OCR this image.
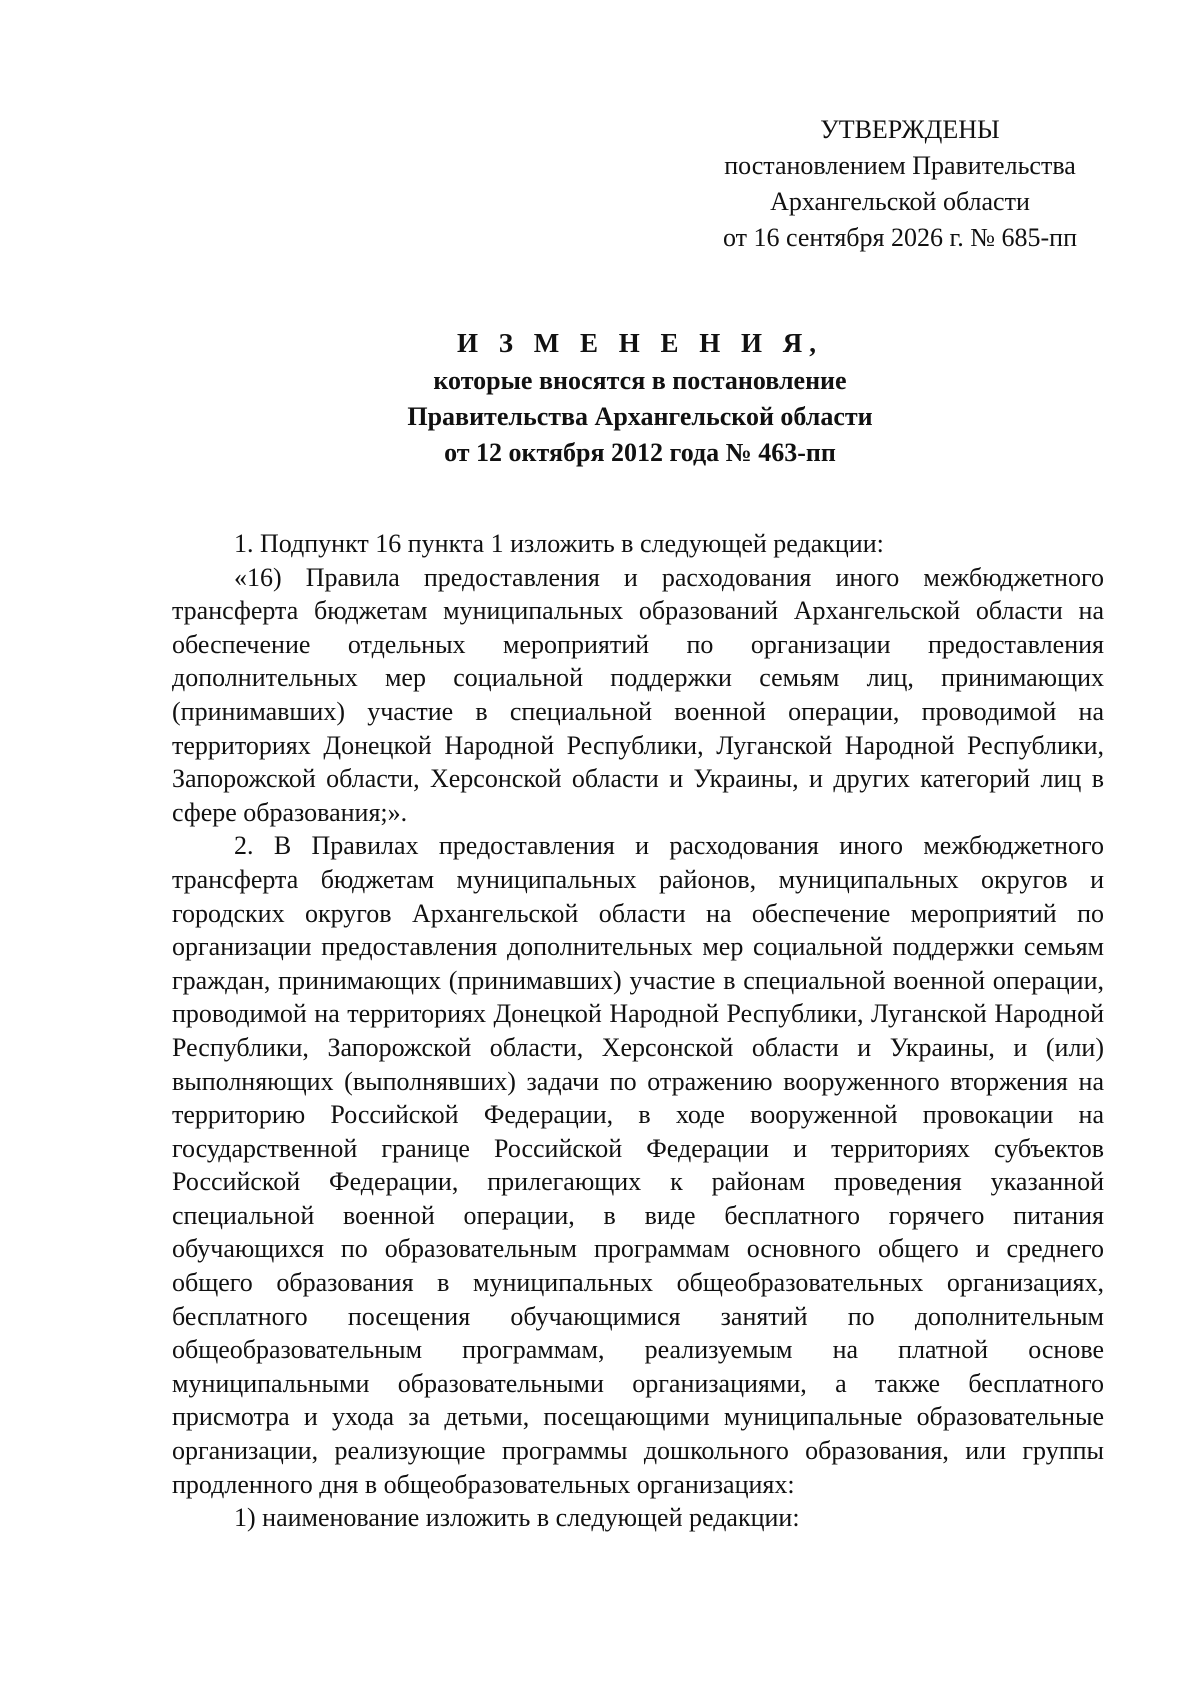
УТВЕРЖДЕНЫ
постановлением Правительства
Архангельской области
от 16 сентября 2026 г. № 685-пп
И З М Е Н Е Н И Я,
которые вносятся в постановление
Правительства Архангельской области
от 12 октября 2012 года № 463-пп

1. Подпункт 16 пункта 1 изложить в следующей редакции:

«16) Правила предоставления и расходования иного межбюджетного трансферта бюджетам муниципальных образований Архангельской области на обеспечение отдельных мероприятий по организации предоставления дополнительных мер социальной поддержки семьям лиц, принимающих (принимавших) участие в специальной военной операции, проводимой на территориях Донецкой Народной Республики, Луганской Народной Республики, Запорожской области, Херсонской области и Украины, и других категорий лиц в сфере образования;».

2. В Правилах предоставления и расходования иного межбюджетного трансферта бюджетам муниципальных районов, муниципальных округов и городских округов Архангельской области на обеспечение мероприятий по организации предоставления дополнительных мер социальной поддержки семьям граждан, принимающих (принимавших) участие в специальной военной операции, проводимой на территориях Донецкой Народной Республики, Луганской Народной Республики, Запорожской области, Херсонской области и Украины, и (или) выполняющих (выполнявших) задачи по отражению вооруженного вторжения на территорию Российской Федерации, в ходе вооруженной провокации на государственной границе Российской Федерации и территориях субъектов Российской Федерации, прилегающих к районам проведения указанной специальной военной операции, в виде бесплатного горячего питания обучающихся по образовательным программам основного общего и среднего общего образования в муниципальных общеобразовательных организациях, бесплатного посещения обучающимися занятий по дополнительным общеобразовательным программам, реализуемым на платной основе муниципальными образовательными организациями, а также бесплатного присмотра и ухода за детьми, посещающими муниципальные образовательные организации, реализующие программы дошкольного образования, или группы продленного дня в общеобразовательных организациях:

1) наименование изложить в следующей редакции:
